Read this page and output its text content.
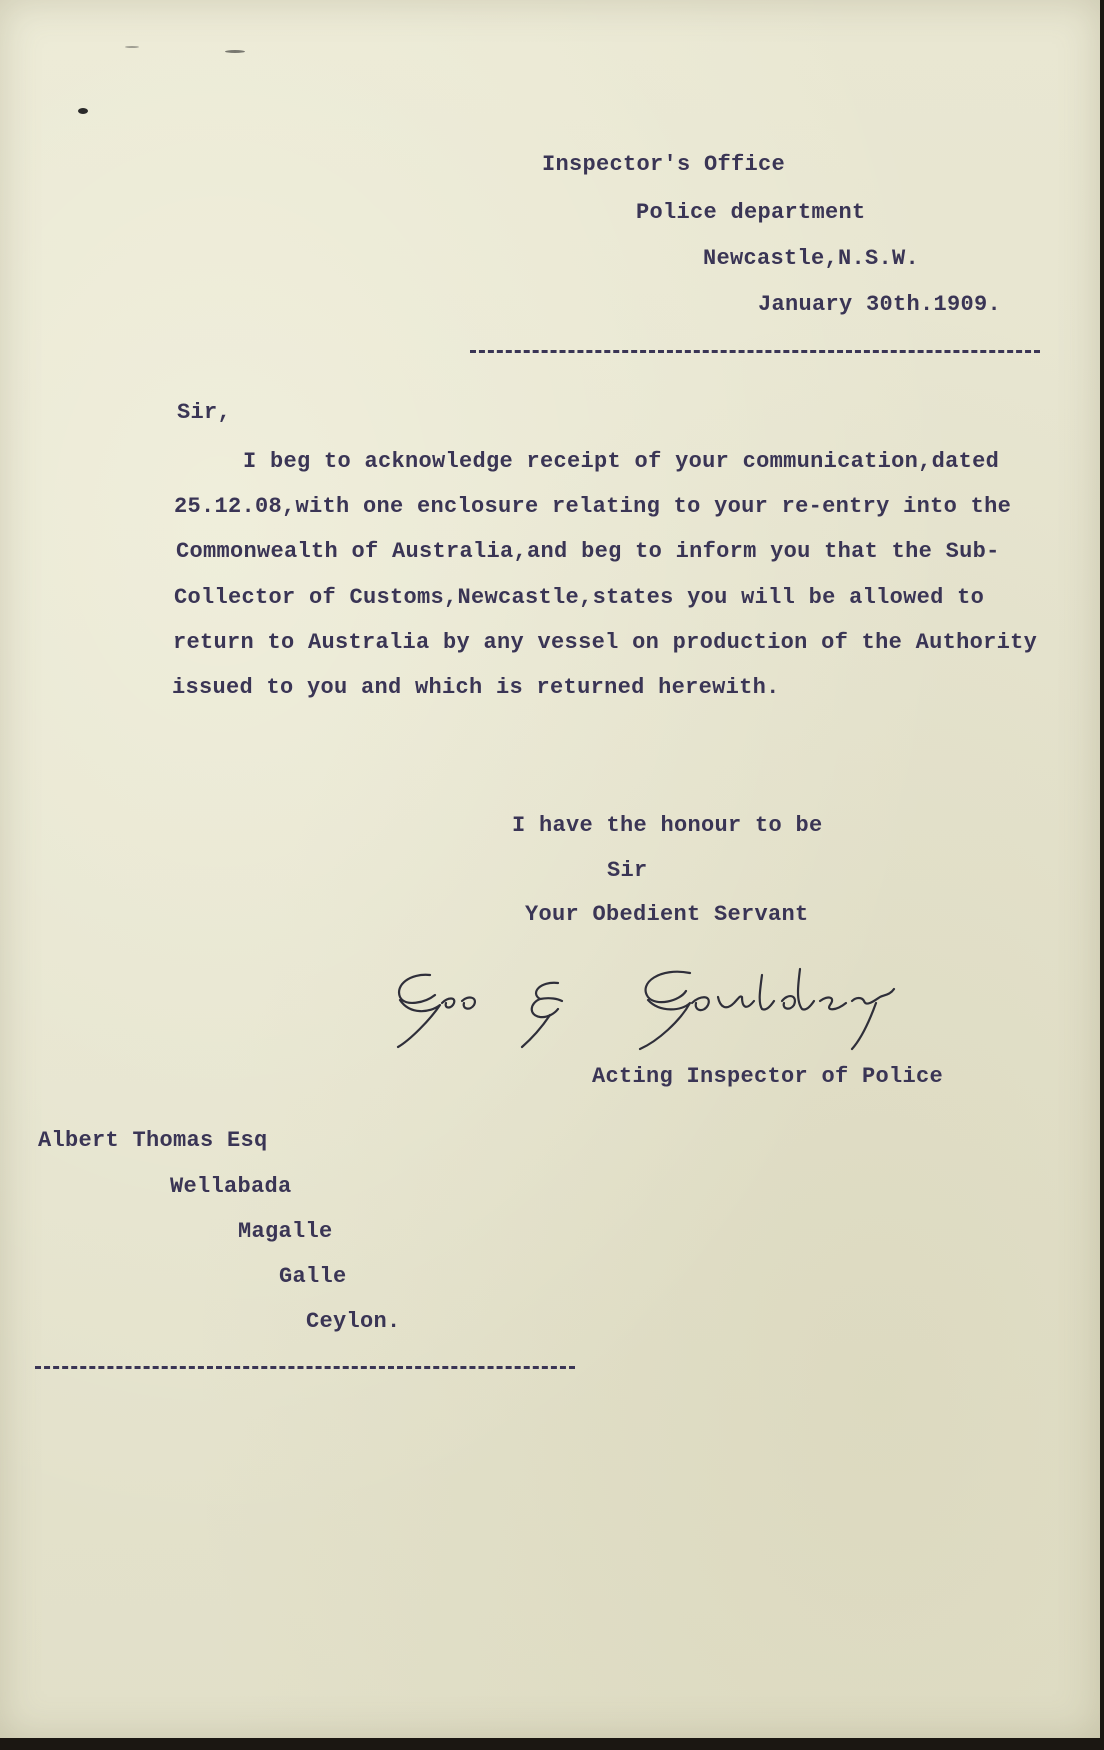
Inspector's Office
Police department
Newcastle,N.S.W.
January 30th.1909.
Sir,
I beg to acknowledge receipt of your communication,dated
25.12.08,with one enclosure relating to your re-entry into the
Commonwealth of Australia,and beg to inform you that the Sub-
Collector of Customs,Newcastle,states you will be allowed to
return to Australia by any vessel on production of the Authority
issued to you and which is returned herewith.
I have the honour to be
Sir
Your Obedient Servant
Acting Inspector of Police
Albert Thomas Esq
Wellabada
Magalle
Galle
Ceylon.
